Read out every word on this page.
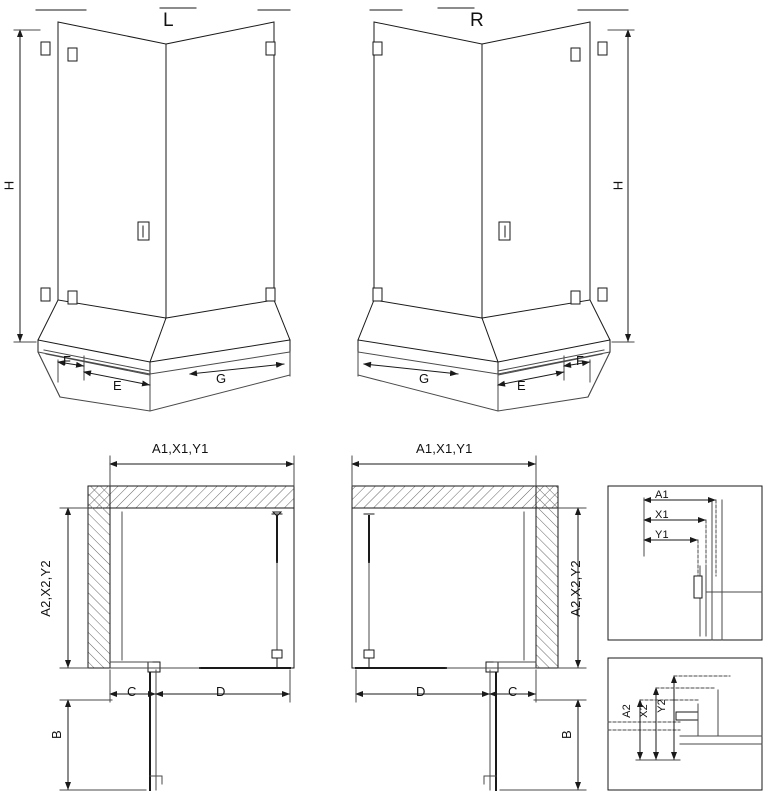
L	R
H	H
F
E	G
F
E
G
A1,X1,Y1	A1,X1,Y1
A2,X2,Y2	A2,X2,Y2
C	D	D	C
B	B
A1
X1
Y1
A2 X2 Y2
